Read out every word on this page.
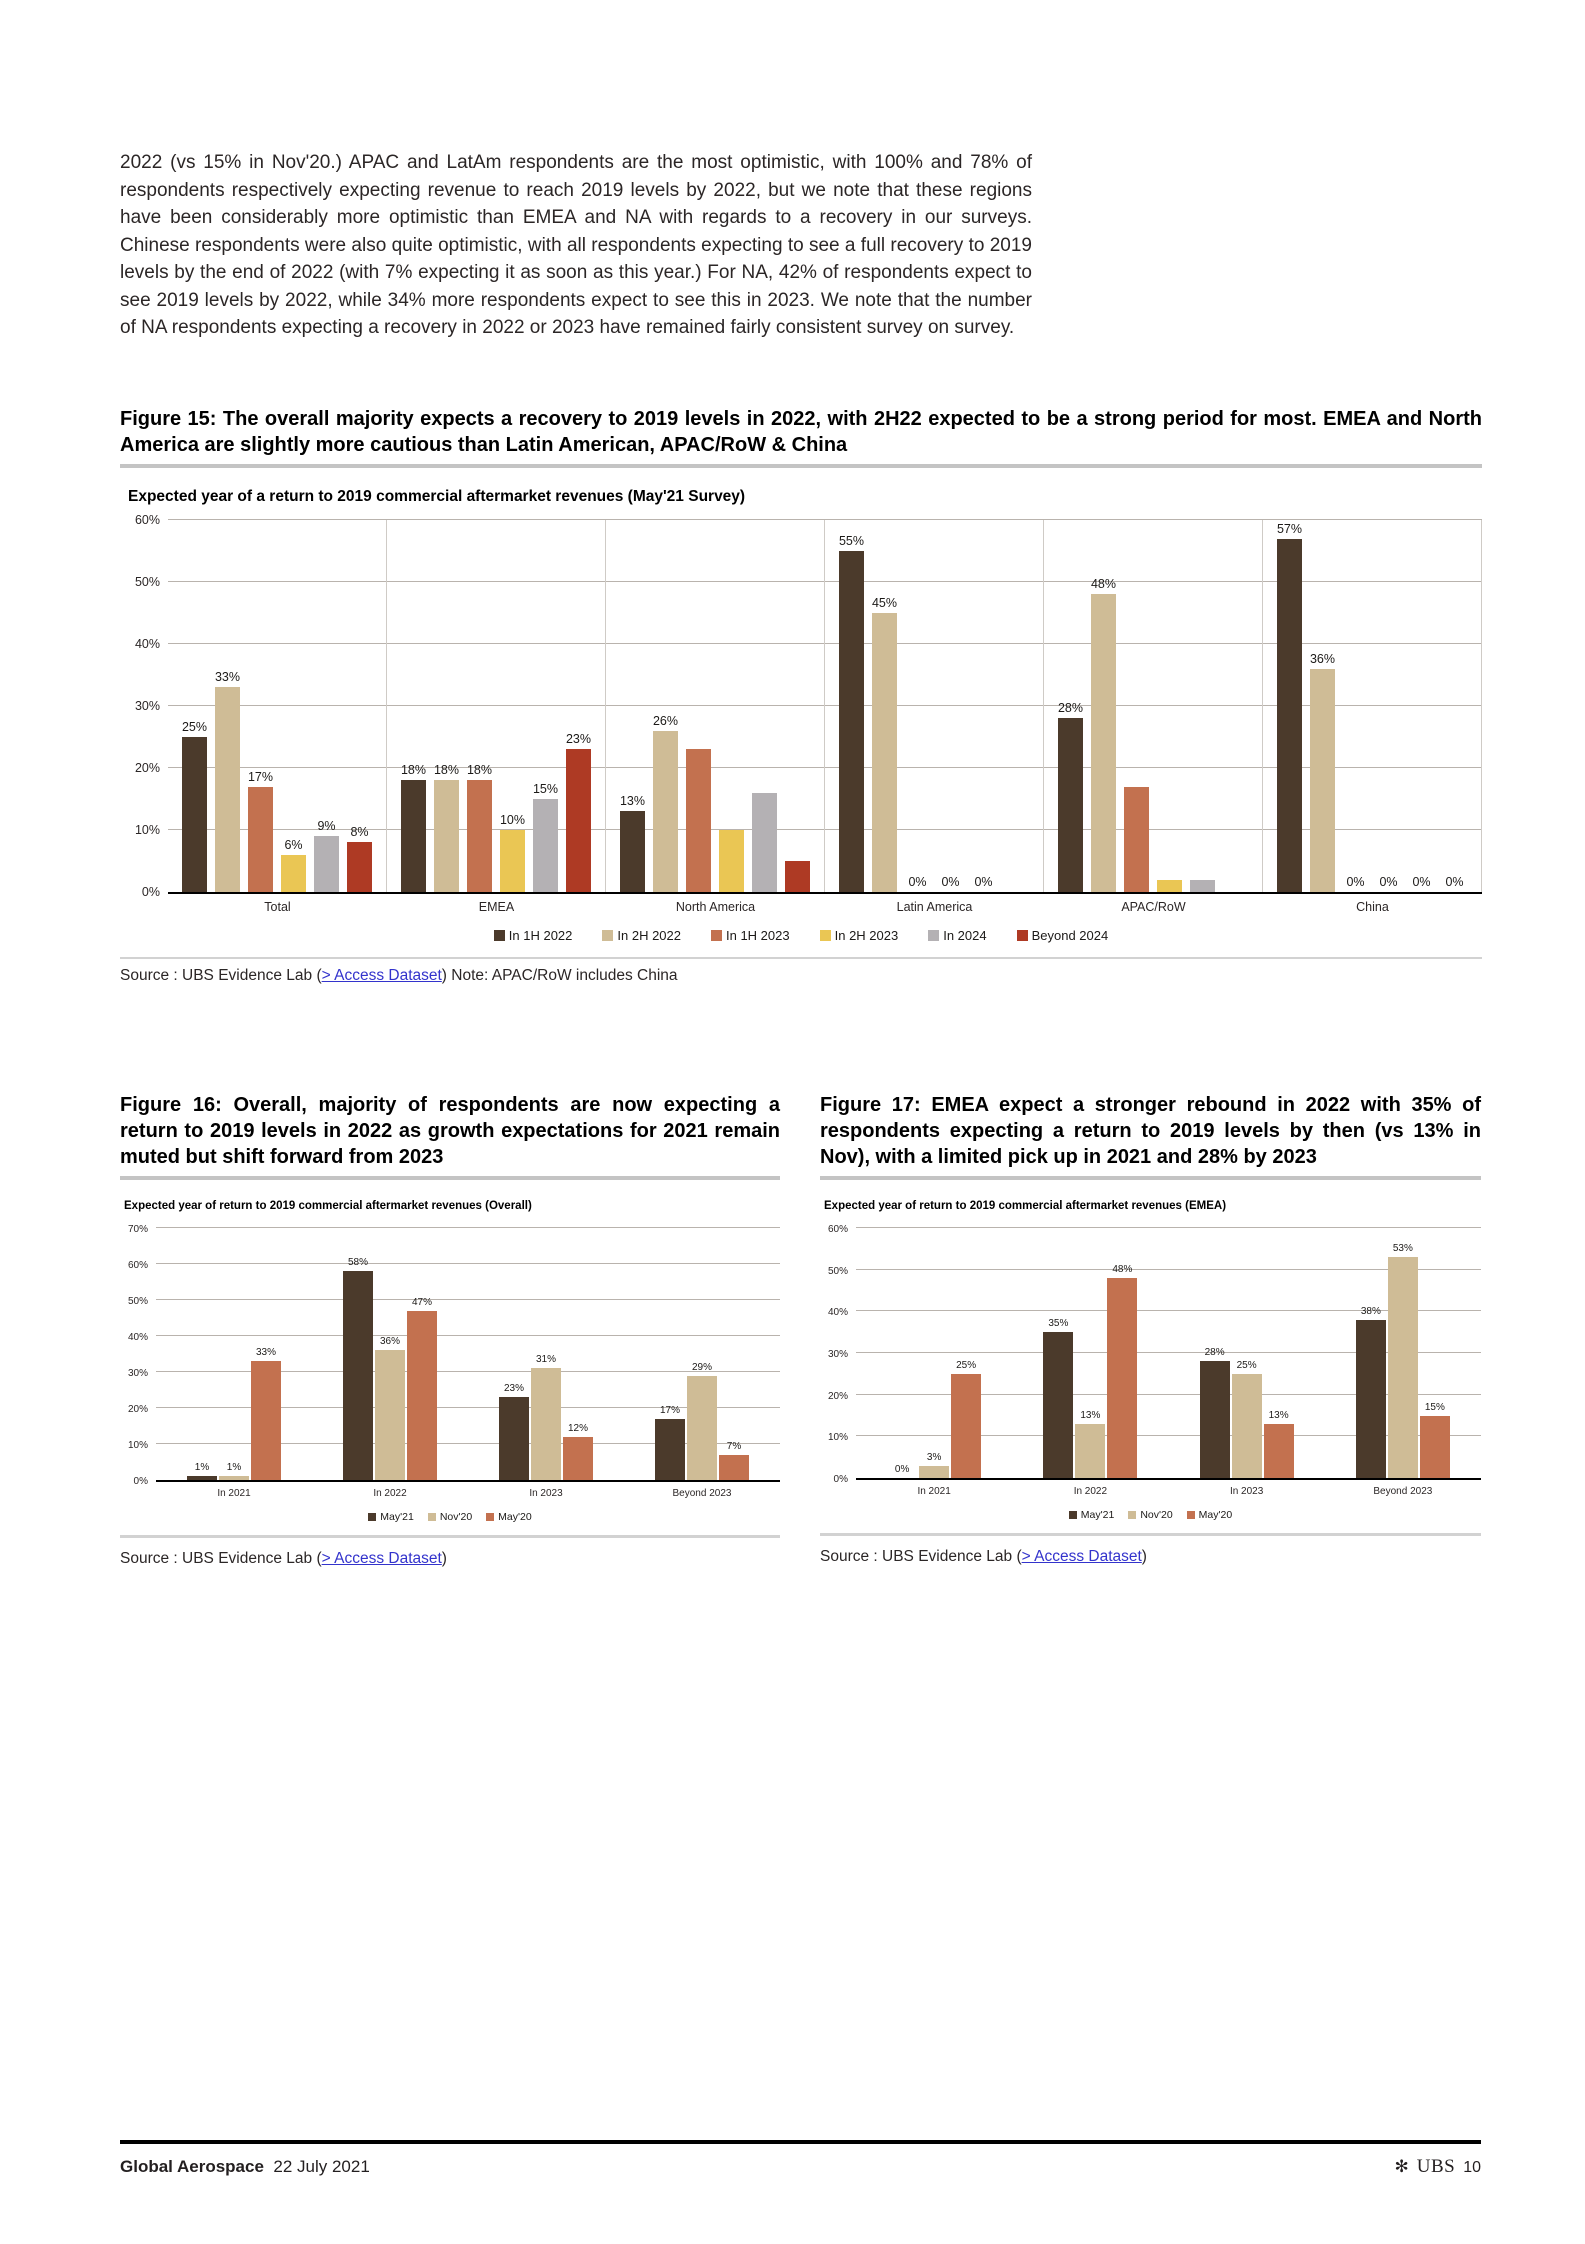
2022 (vs 15% in Nov'20.) APAC and LatAm respondents are the most optimistic, with 100% and 78% of respondents respectively expecting revenue to reach 2019 levels by 2022, but we note that these regions have been considerably more optimistic than EMEA and NA with regards to a recovery in our surveys. Chinese respondents were also quite optimistic, with all respondents expecting to see a full recovery to 2019 levels by the end of 2022 (with 7% expecting it as soon as this year.) For NA, 42% of respondents expect to see 2019 levels by 2022, while 34% more respondents expect to see this in 2023. We note that the number of NA respondents expecting a recovery in 2022 or 2023 have remained fairly consistent survey on survey.

Figure 15: The overall majority expects a recovery to 2019 levels in 2022, with 2H22 expected to be a strong period for most. EMEA and North America are slightly more cautious than Latin American, APAC/RoW & China
Expected year of a return to 2019 commercial aftermarket revenues (May'21 Survey)
0%
10%
20%
30%
40%
50%
60%
25%
33%
17%
6%
9% 8%
18% 18% 18%
10%
15%
23%
13%
26%
55%
45%
0% 0% 0%
28%
48%
57%
36%
0% 0% 0% 0%
Total	EMEA	North America	Latin America	APAC/RoW	China
In 1H 2022	In 2H 2022	In 1H 2023	In 2H 2023	In 2024	Beyond 2024
Source : UBS Evidence Lab (> Access Dataset) Note: APAC/RoW includes China
Figure 16: Overall, majority of respondents are now expecting a return to 2019 levels in 2022 as growth expectations for 2021 remain muted but shift forward from 2023
Expected year of return to 2019 commercial aftermarket revenues (Overall)
0%
10%
20%
30%
40%
50%
60%
70%
1% 1%
33%
58%
36%
47%
23%
31%
12%
17%
29%
7%
In 2021	In 2022	In 2023	Beyond 2023
May'21 Nov'20 May'20
Source : UBS Evidence Lab (> Access Dataset)
Figure 17: EMEA expect a stronger rebound in 2022 with 35% of respondents expecting a return to 2019 levels by then (vs 13% in Nov), with a limited pick up in 2021 and 28% by 2023
Expected year of return to 2019 commercial aftermarket revenues (EMEA)
0%
10%
20%
30%
40%
50%
60%
0%
3%
25%
35%
13%
48%
28%
25%
13%
38%
53%
15%
In 2021	In 2022	In 2023	Beyond 2023
May'21 Nov'20 May'20
Source : UBS Evidence Lab (> Access Dataset)
Global Aerospace 22 July 2021	✻ UBS 10
